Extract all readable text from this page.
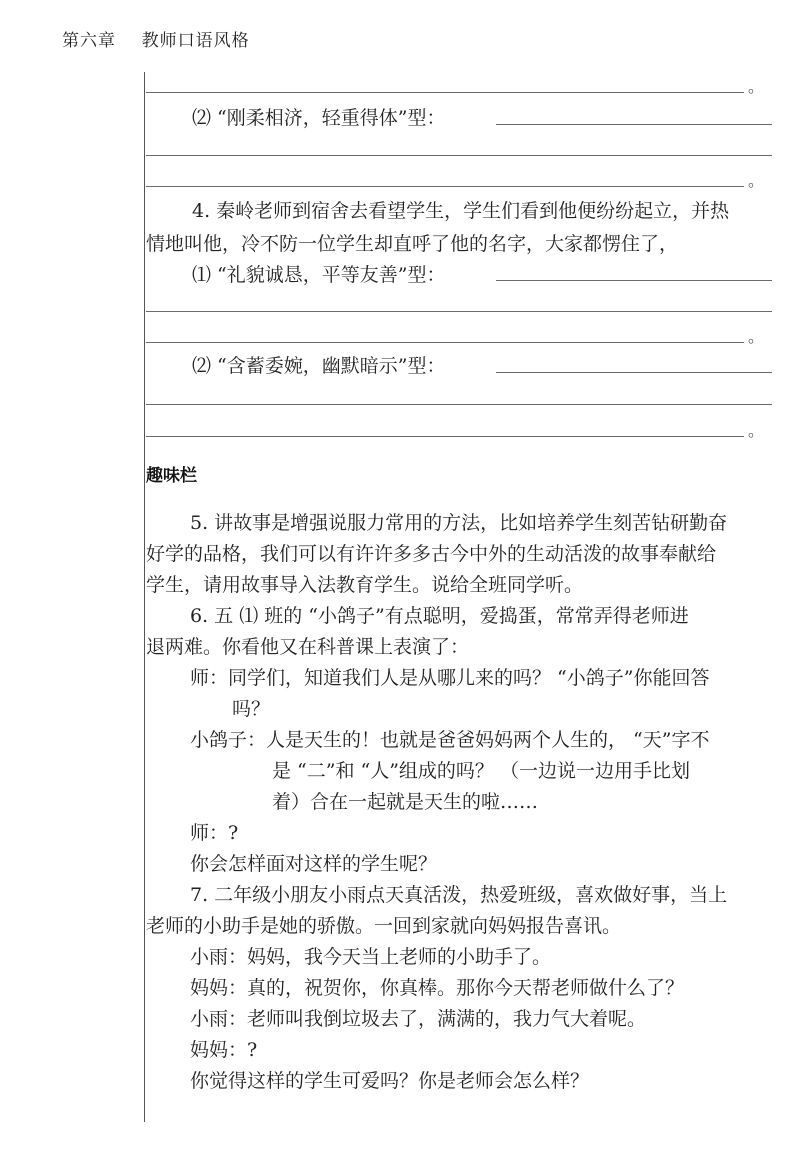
第六章 教师口语风格
。
⑵ “刚柔相济，轻重得体”型：
。
4. 秦岭老师到宿舍去看望学生，学生们看到他便纷纷起立，并热
情地叫他，冷不防一位学生却直呼了他的名字，大家都愣住了，
⑴ “礼貌诚恳，平等友善”型：
。
⑵ “含蓄委婉，幽默暗示”型：
。
趣味栏
5. 讲故事是增强说服力常用的方法，比如培养学生刻苦钻研勤奋
好学的品格，我们可以有许许多多古今中外的生动活泼的故事奉献给
学生，请用故事导入法教育学生。说给全班同学听。
6. 五 ⑴ 班的 “小鸽子”有点聪明，爱捣蛋，常常弄得老师进
退两难。你看他又在科普课上表演了：
师：同学们，知道我们人是从哪儿来的吗？ “小鸽子”你能回答
吗？
小鸽子：人是天生的！也就是爸爸妈妈两个人生的， “天”字不
是 “二”和 “人”组成的吗？ （一边说一边用手比划
着）合在一起就是天生的啦……
师：?
你会怎样面对这样的学生呢？
7. 二年级小朋友小雨点天真活泼，热爱班级，喜欢做好事，当上
老师的小助手是她的骄傲。一回到家就向妈妈报告喜讯。
小雨：妈妈，我今天当上老师的小助手了。
妈妈：真的，祝贺你，你真棒。那你今天帮老师做什么了？
小雨：老师叫我倒垃圾去了，满满的，我力气大着呢。
妈妈：?
你觉得这样的学生可爱吗？你是老师会怎么样？
